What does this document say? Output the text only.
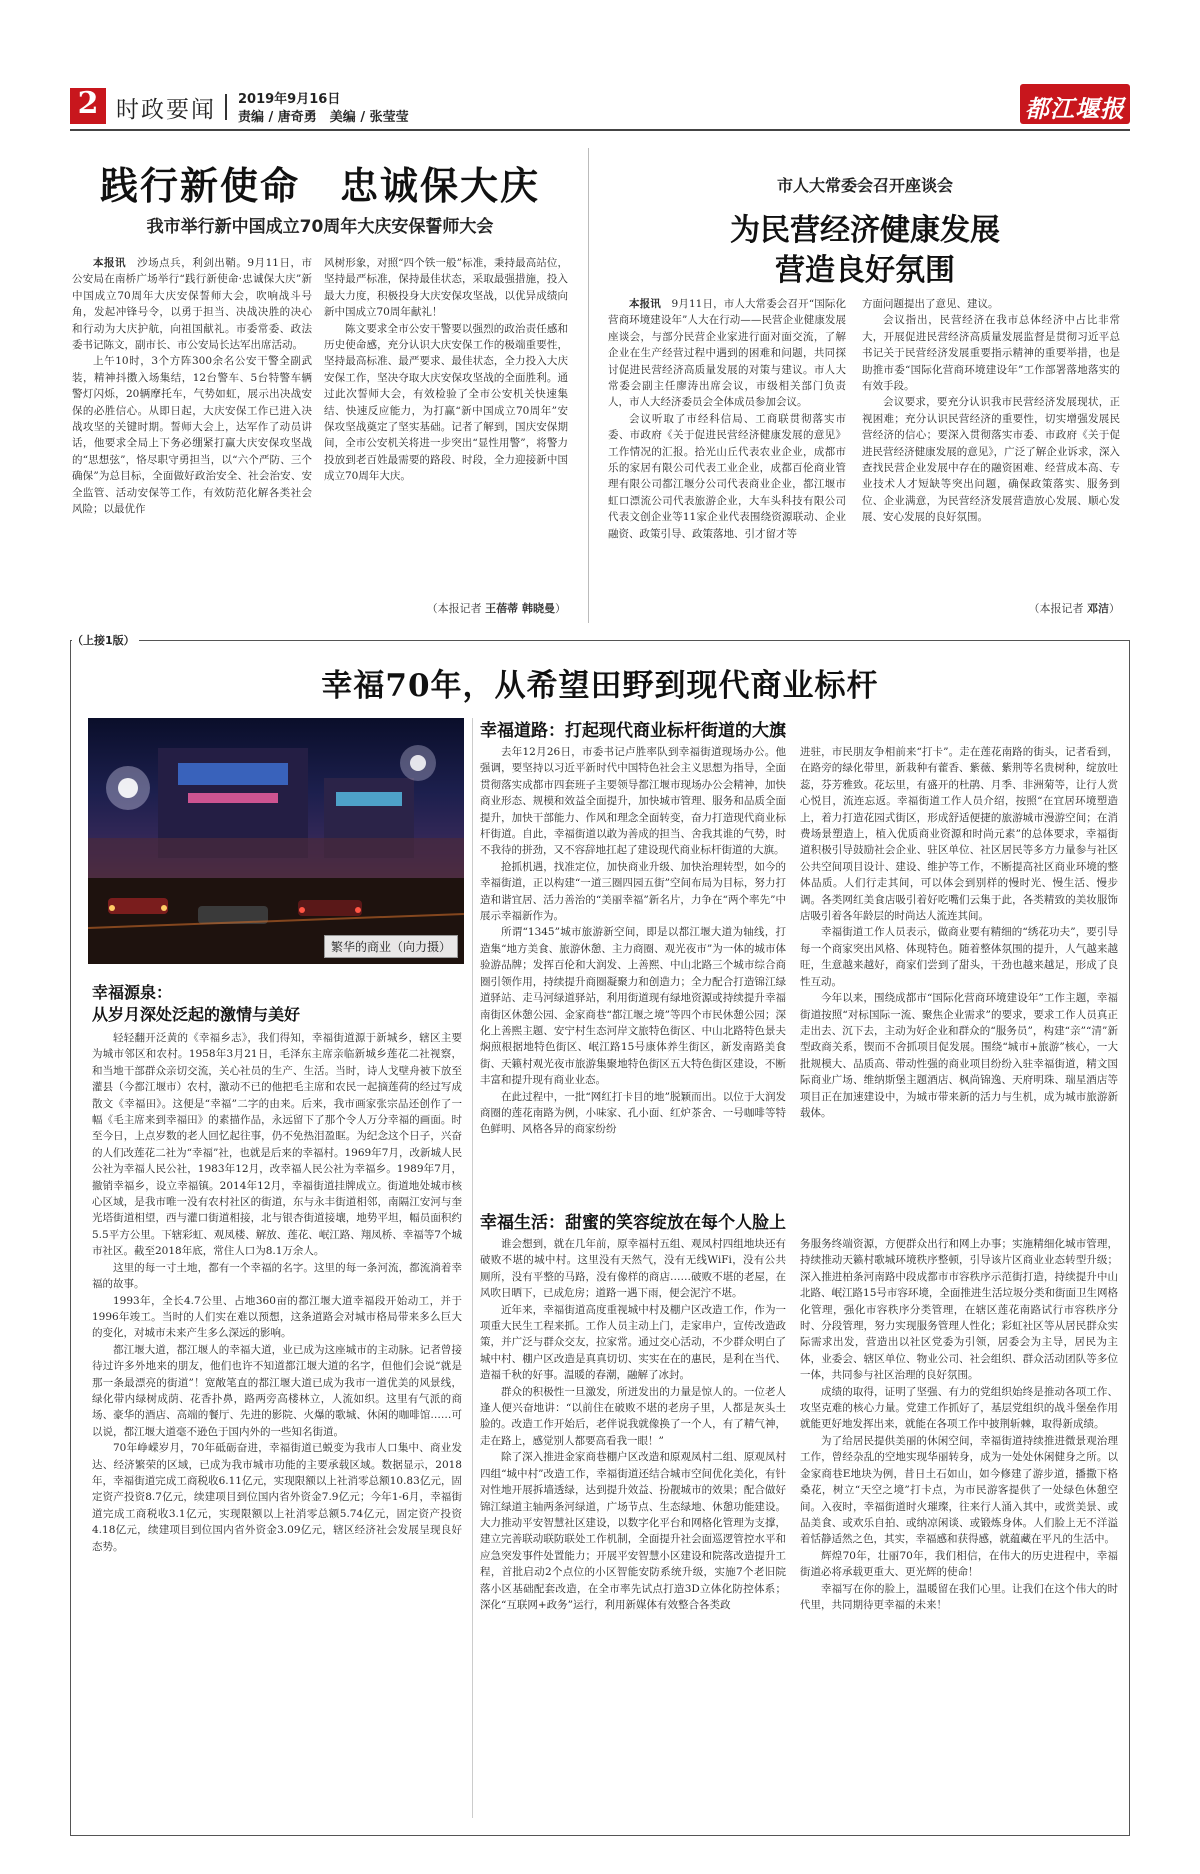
2 时政要闻 2019年9月16日
责编 / 唐奇勇　美编 / 张莹莹	都江堰报
践行新使命　忠诚保大庆
我市举行新中国成立70周年大庆安保誓师大会

本报讯　沙场点兵，利剑出鞘。9月11日，市公安局在南桥广场举行“践行新使命·忠诚保大庆”新中国成立70周年大庆安保誓师大会，吹响战斗号角，发起冲锋号令，以勇于担当、决战决胜的决心和行动为大庆护航，向祖国献礼。市委常委、政法委书记陈文，副市长、市公安局长达军出席活动。

上午10时，3个方阵300余名公安干警全副武装，精神抖擞入场集结，12台警车、5台特警车辆警灯闪烁，20辆摩托车，气势如虹，展示出决战安保的必胜信心。从即日起，大庆安保工作已进入决战攻坚的关键时期。誓师大会上，达军作了动员讲话，他要求全局上下务必绷紧打赢大庆安保攻坚战的“思想弦”，恪尽职守勇担当，以“六个严防、三个确保”为总目标，全面做好政治安全、社会治安、安全监管、活动安保等工作，有效防范化解各类社会风险；以最优作

风树形象，对照“四个铁一般”标准，秉持最高站位，坚持最严标准，保持最佳状态，采取最强措施，投入最大力度，积极投身大庆安保攻坚战，以优异成绩向新中国成立70周年献礼！

陈文要求全市公安干警要以强烈的政治责任感和历史使命感，充分认识大庆安保工作的极端重要性，坚持最高标准、最严要求、最佳状态，全力投入大庆安保工作，坚决夺取大庆安保攻坚战的全面胜利。通过此次誓师大会，有效检验了全市公安机关快速集结、快速反应能力，为打赢“新中国成立70周年”安保攻坚战奠定了坚实基础。记者了解到，国庆安保期间，全市公安机关将进一步突出“显性用警”，将警力投放到老百姓最需要的路段、时段，全力迎接新中国成立70周年大庆。

（本报记者 王蓓蒂 韩晓曼）
市人大常委会召开座谈会
为民营经济健康发展
营造良好氛围

本报讯　9月11日，市人大常委会召开“国际化营商环境建设年”人大在行动——民营企业健康发展座谈会，与部分民营企业家进行面对面交流，了解企业在生产经营过程中遇到的困难和问题，共同探讨促进民营经济高质量发展的对策与建议。市人大常委会副主任廖涛出席会议，市级相关部门负责人，市人大经济委员会全体成员参加会议。

会议听取了市经科信局、工商联贯彻落实市委、市政府《关于促进民营经济健康发展的意见》工作情况的汇报。拾光山丘代表农业企业，成都市乐的家居有限公司代表工业企业，成都百伦商业管理有限公司都江堰分公司代表商业企业，都江堰市虹口漂流公司代表旅游企业，大车头科技有限公司代表文创企业等11家企业代表围绕资源联动、企业融资、政策引导、政策落地、引才留才等

方面问题提出了意见、建议。

会议指出，民营经济在我市总体经济中占比非常大，开展促进民营经济高质量发展监督是贯彻习近平总书记关于民营经济发展重要指示精神的重要举措，也是助推市委“国际化营商环境建设年”工作部署落地落实的有效手段。

会议要求，要充分认识我市民营经济发展现状，正视困难；充分认识民营经济的重要性，切实增强发展民营经济的信心；要深入贯彻落实市委、市政府《关于促进民营经济健康发展的意见》，广泛了解企业诉求，深入查找民营企业发展中存在的融资困难、经营成本高、专业技术人才短缺等突出问题，确保政策落实、服务到位、企业满意，为民营经济发展营造放心发展、顺心发展、安心发展的良好氛围。

（本报记者 邓洁）
（上接1版）
幸福70年，从希望田野到现代商业标杆
繁华的商业（向力摄）
幸福源泉：
从岁月深处泛起的激情与美好

轻轻翻开泛黄的《幸福乡志》，我们得知，幸福街道源于新城乡，辖区主要为城市邻区和农村。1958年3月21日，毛泽东主席亲临新城乡莲花二社视察，和当地干部群众亲切交流，关心社员的生产、生活。当时，诗人戈壁舟被下放至灌县（今都江堰市）农村，激动不已的他把毛主席和农民一起摘莲荷的经过写成散文《幸福田》。这便是“幸福”二字的由来。后来，我市画家张宗品还创作了一幅《毛主席来到幸福田》的素描作品，永远留下了那个令人万分幸福的画面。时至今日，上点岁数的老人回忆起往事，仍不免热泪盈眶。为纪念这个日子，兴奋的人们改莲花二社为“幸福”社，也就是后来的幸福村。1969年7月，改新城人民公社为幸福人民公社，1983年12月，改幸福人民公社为幸福乡。1989年7月，撤销幸福乡，设立幸福镇。2014年12月，幸福街道挂牌成立。街道地处城市核心区域，是我市唯一没有农村社区的街道，东与永丰街道相邻，南隔江安河与奎光塔街道相望，西与灌口街道相接，北与银杏街道接壤，地势平坦，幅员面积约5.5平方公里。下辖彩虹、观凤楼、解放、莲花、岷江路、翔凤桥、幸福等7个城市社区。截至2018年底，常住人口为8.1万余人。

这里的每一寸土地，都有一个幸福的名字。这里的每一条河流，都流淌着幸福的故事。

1993年，全长4.7公里、占地360亩的都江堰大道幸福段开始动工，并于1996年竣工。当时的人们实在难以预想，这条道路会对城市格局带来多么巨大的变化，对城市未来产生多么深远的影响。

都江堰大道，都江堰人的幸福大道，业已成为这座城市的主动脉。记者曾接待过许多外地来的朋友，他们也许不知道都江堰大道的名字，但他们会说“就是那一条最漂亮的街道”！宽敞笔直的都江堰大道已成为我市一道优美的风景线，绿化带内绿树成荫、花香扑鼻，路两旁高楼林立，人流如织。这里有气派的商场、豪华的酒店、高端的餐厅、先进的影院、火爆的歌城、休闲的咖啡馆……可以说，都江堰大道毫不逊色于国内外的一些知名街道。

70年峥嵘岁月，70年砥砺奋进，幸福街道已蜕变为我市人口集中、商业发达、经济繁荣的区域，已成为我市城市功能的主要承载区域。数据显示，2018年，幸福街道完成工商税收6.11亿元，实现限额以上社消零总额10.83亿元，固定资产投资8.7亿元，续建项目到位国内省外资金7.9亿元；今年1-6月，幸福街道完成工商税收3.1亿元，实现限额以上社消零总额5.74亿元，固定资产投资4.18亿元，续建项目到位国内省外资金3.09亿元，辖区经济社会发展呈现良好态势。

幸福道路：打起现代商业标杆街道的大旗

去年12月26日，市委书记卢胜率队到幸福街道现场办公。他强调，要坚持以习近平新时代中国特色社会主义思想为指导，全面贯彻落实成都市四套班子主要领导都江堰市现场办公会精神，加快商业形态、规模和效益全面提升，加快城市管理、服务和品质全面提升，加快干部能力、作风和理念全面转变，奋力打造现代商业标杆街道。自此，幸福街道以敢为善成的担当、舍我其谁的气势，时不我待的拼劲，又不容辞地扛起了建设现代商业标杆街道的大旗。

抢抓机遇，找准定位，加快商业升级、加快治理转型，如今的幸福街道，正以构建“一道三圈四园五街”空间布局为目标，努力打造和谐宜居、活力善治的“美丽幸福”新名片，力争在“两个率先”中展示幸福新作为。

所谓“1345”城市旅游新空间，即是以都江堰大道为轴线，打造集“地方美食、旅游休憩、主力商圈、观光夜市”为一体的城市体验游品牌；发挥百伦和大润发、上善熙、中山北路三个城市综合商圈引领作用，持续提升商圈凝聚力和创造力；全力配合打造锦江绿道驿站、走马河绿道驿站，利用街道现有绿地资源或持续提升幸福南街区休憩公园、金家商巷“都江堰之境”等四个市民休憩公园；深化上善熙主题、安宁村生态河岸文旅特色街区、中山北路特色景夫焖煎根据地特色街区、岷江路15号康体养生街区，新发南路美食街、天籁村观光夜市旅游集聚地特色街区五大特色街区建设，不断丰富和提升现有商业业态。

在此过程中，一批“网红打卡目的地”脱颖而出。以位于大润发商圈的莲花南路为例，小味家、孔小面、红炉茶舍、一号咖啡等特色鲜明、风格各异的商家纷纷

进驻，市民朋友争相前来“打卡”。走在莲花南路的街头，记者看到，在路旁的绿化带里，新栽种有藿香、紫薇、紫荆等名贵树种，绽放吐蕊，芬芳雅致。花坛里，有盛开的杜鹃、月季、非洲菊等，让行人赏心悦目，流连忘返。幸福街道工作人员介绍，按照“在宜居环境塑造上，着力打造花园式街区，形成舒适便捷的旅游城市漫游空间；在消费场景塑造上，植入优质商业资源和时尚元素”的总体要求，幸福街道积极引导鼓励社会企业、驻区单位、社区居民等多方力量参与社区公共空间项目设计、建设、维护等工作，不断提高社区商业环境的整体品质。人们行走其间，可以体会到别样的慢时光、慢生活、慢步调。各类网红美食店吸引着好吃嘴们云集于此，各类精致的美妆服饰店吸引着各年龄层的时尚达人流连其间。

幸福街道工作人员表示，做商业要有精细的“绣花功夫”，要引导每一个商家突出风格、体现特色。随着整体氛围的提升，人气越来越旺，生意越来越好，商家们尝到了甜头，干劲也越来越足，形成了良性互动。

今年以来，围绕成都市“国际化营商环境建设年”工作主题，幸福街道按照“对标国际一流、聚焦企业需求”的要求，要求工作人员真正走出去、沉下去，主动为好企业和群众的“服务员”，构建“亲”“清”新型政商关系，锲而不舍抓项目促发展。围绕“城市+旅游”核心，一大批规模大、品质高、带动性强的商业项目纷纷入驻幸福街道，精文国际商业广场、维纳斯堡主题酒店、枫尚锦逸、天府明珠、瑞星酒店等项目正在加速建设中，为城市带来新的活力与生机，成为城市旅游新载体。

幸福生活：甜蜜的笑容绽放在每个人脸上

谁会想到，就在几年前，原幸福村五组、观凤村四组地块还有破败不堪的城中村。这里没有天然气，没有无线WiFi，没有公共厕所，没有平整的马路，没有像样的商店……破败不堪的老屋，在风吹日晒下，已成危房；道路一遇下雨，便会泥泞不堪。

近年来，幸福街道高度重视城中村及棚户区改造工作，作为一项重大民生工程来抓。工作人员主动上门，走家串户，宣传改造政策，并广泛与群众交友，拉家常。通过交心活动，不少群众明白了城中村、棚户区改造是真真切切、实实在在的惠民，是利在当代、造福千秋的好事。温暖的春潮，融解了冰封。

群众的积极性一旦激发，所迸发出的力量是惊人的。一位老人逢人便兴奋地讲：“以前住在破败不堪的老房子里，人都是灰头土脸的。改造工作开始后，老伴说我就像换了一个人，有了精气神，走在路上，感觉别人都要高看我一眼！”

除了深入推进金家商巷棚户区改造和原观凤村二组、原观凤村四组“城中村”改造工作，幸福街道还结合城市空间优化美化，有针对性地开展拆墙透绿，达到提升效益、扮靓城市的效果；配合做好锦江绿道主轴两条河绿道，广场节点、生态绿地、休憩功能建设。大力推动平安智慧社区建设，以数字化平台和网格化管理为支撑，建立完善联动联防联处工作机制，全面提升社会面巡逻管控水平和应急突发事件处置能力；开展平安智慧小区建设和院落改造提升工程，首批启动2个点位的小区智能安防系统升级，实施7个老旧院落小区基础配套改造，在全市率先试点打造3D立体化防控体系；深化“互联网+政务”运行，利用新媒体有效整合各类政

务服务终端资源，方便群众出行和网上办事；实施精细化城市管理，持续推动天籁村歌城环境秩序整顿，引导该片区商业业态转型升级；深入推进柏条河南路中段成都市市容秩序示范街打造，持续提升中山北路、岷江路15号市容环境，全面推进生活垃圾分类和街面卫生网格化管理，强化市容秩序分类管理，在辖区莲花南路试行市容秩序分时、分段管理，努力实现服务管理人性化；彩虹社区等从居民群众实际需求出发，营造出以社区党委为引领，居委会为主导，居民为主体，业委会、辖区单位、物业公司、社会组织、群众活动团队等多位一体，共同参与社区治理的良好氛围。

成绩的取得，证明了坚强、有力的党组织始终是推动各项工作、攻坚克难的核心力量。党建工作抓好了，基层党组织的战斗堡垒作用就能更好地发挥出来，就能在各项工作中披荆斩棘，取得新成绩。

为了给居民提供美丽的休闲空间，幸福街道持续推进微景观治理工作，曾经杂乱的空地实现华丽转身，成为一处处休闲健身之所。以金家商巷E地块为例，昔日土石如山，如今修建了游步道，播撒下格桑花，树立“天空之境”打卡点，为市民游客提供了一处绿色休憩空间。入夜时，幸福街道时火璀璨，往来行人涌入其中，或赏美景、或品美食、或欢乐自拍、或纳凉闲谈、或锻炼身体。人们脸上无不洋溢着恬静适然之色，其实，幸福感和获得感，就蕴藏在平凡的生活中。

辉煌70年，壮丽70年，我们相信，在伟大的历史进程中，幸福街道必将承载更重大、更光辉的使命！

幸福写在你的脸上，温暖留在我们心里。让我们在这个伟大的时代里，共同期待更幸福的未来！
